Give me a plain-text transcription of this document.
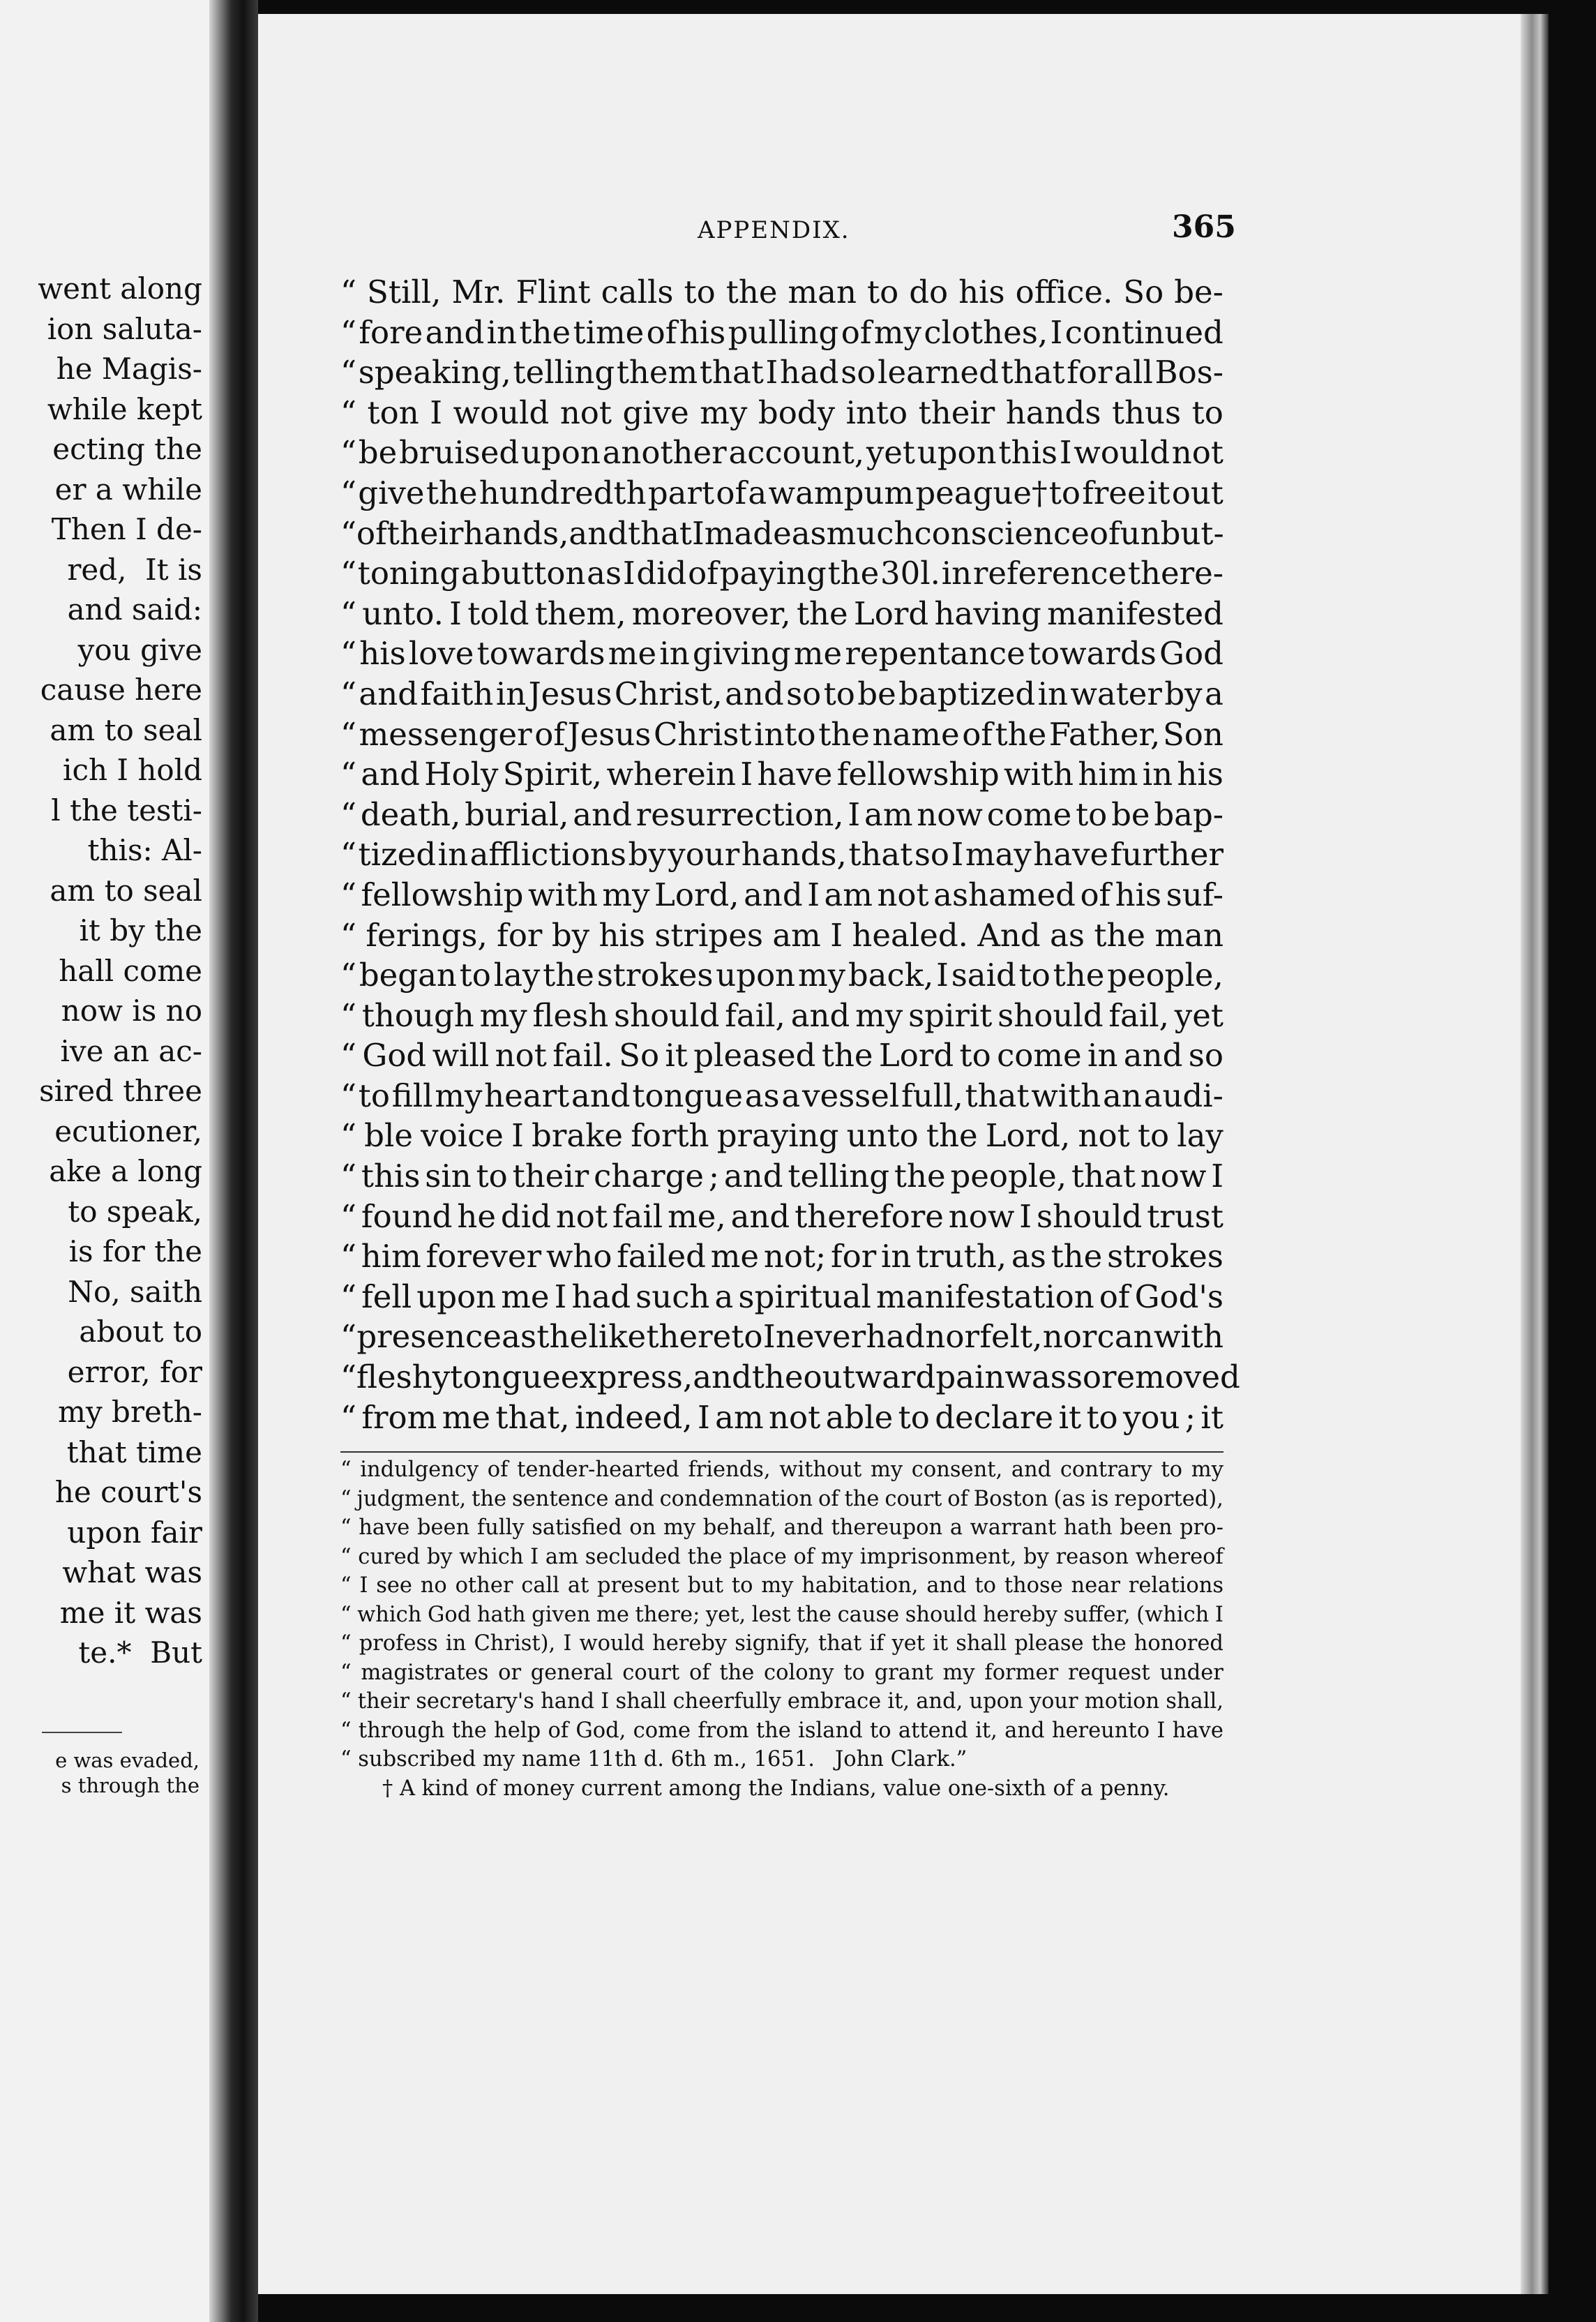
went along
ion saluta-
he Magis-
while kept
ecting the
er a while
Then I de-
red,  It is
and said:
you give
cause here
am to seal
ich I hold
l the testi-
this: Al-
am to seal
it by the
hall come
now is no
ive an ac-
sired three
ecutioner,
ake a long
to speak,
is for the
No, saith
about to
error, for
my breth-
that time
he court's
upon fair
what was
me it was
te.*  But
e was evaded,
s through the
APPENDIX.	365
“ Still, Mr. Flint calls to the man to do his office. So be-
“ fore and in the time of his pulling of my clothes, I continued
“ speaking, telling them that I had so learned that for all Bos-
“ ton I would not give my body into their hands thus to
“ be bruised upon another account, yet upon this I would not
“ give the hundredth part of a wampum peague† to free it out
“ of their hands, and that I made as much conscience of unbut-
“ toning a button as I did of paying the 30l. in reference there-
“ unto. I told them, moreover, the Lord having manifested
“ his love towards me in giving me repentance towards God
“ and faith in Jesus Christ, and so to be baptized in water by a
“ messenger of Jesus Christ into the name of the Father, Son
“ and Holy Spirit, wherein I have fellowship with him in his
“ death, burial, and resurrection, I am now come to be bap-
“ tized in afflictions by your hands, that so I may have further
“ fellowship with my Lord, and I am not ashamed of his suf-
“ ferings, for by his stripes am I healed. And as the man
“ began to lay the strokes upon my back, I said to the people,
“ though my flesh should fail, and my spirit should fail, yet
“ God will not fail. So it pleased the Lord to come in and so
“ to fill my heart and tongue as a vessel full, that with an audi-
“ ble voice I brake forth praying unto the Lord, not to lay
“ this sin to their charge ; and telling the people, that now I
“ found he did not fail me, and therefore now I should trust
“ him forever who failed me not; for in truth, as the strokes
“ fell upon me I had such a spiritual manifestation of God's
“ presence as the like thereto I never had nor felt, nor can with
“ fleshy tongue express, and the outward pain was so removed
“ from me that, indeed, I am not able to declare it to you ; it
“ indulgency of tender-hearted friends, without my consent, and contrary to my
“ judgment, the sentence and condemnation of the court of Boston (as is reported),
“ have been fully satisfied on my behalf, and thereupon a warrant hath been pro-
“ cured by which I am secluded the place of my imprisonment, by reason whereof
“ I see no other call at present but to my habitation, and to those near relations
“ which God hath given me there; yet, lest the cause should hereby suffer, (which I
“ profess in Christ), I would hereby signify, that if yet it shall please the honored
“ magistrates or general court of the colony to grant my former request under
“ their secretary's hand I shall cheerfully embrace it, and, upon your motion shall,
“ through the help of God, come from the island to attend it, and hereunto I have
“ subscribed my name 11th d. 6th m., 1651.   John Clark.”
† A kind of money current among the Indians, value one-sixth of a penny.
